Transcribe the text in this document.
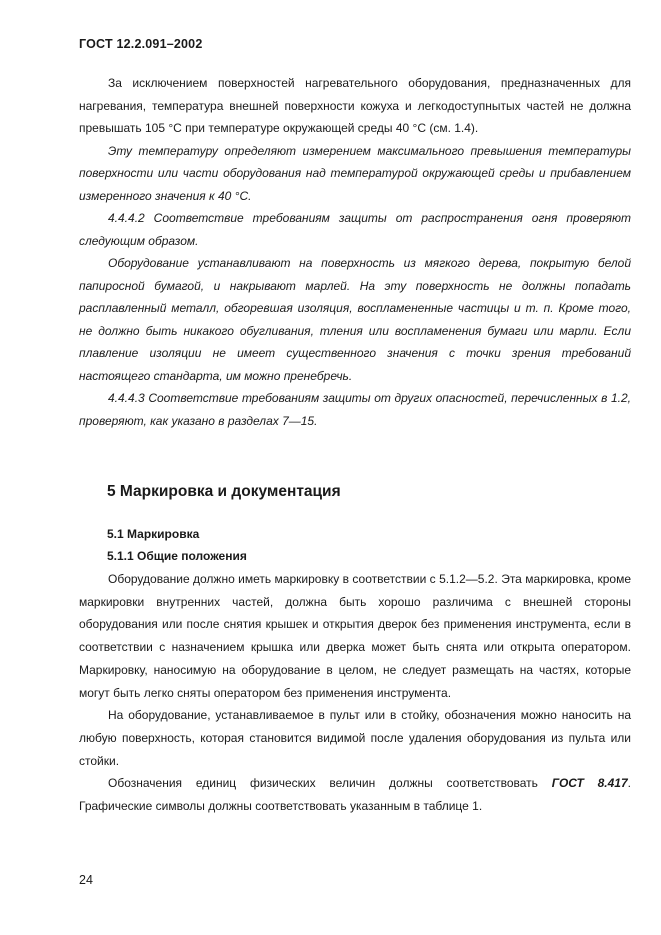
ГОСТ 12.2.091–2002

За исключением поверхностей нагревательного оборудования, предназначенных для нагревания, температура внешней поверхности кожуха и легкодоступнытых частей не должна превышать 105 °С при температуре окружающей среды 40 °С (см. 1.4).

Эту температуру определяют измерением максимального превышения температуры поверхности или части оборудования над температурой окружающей среды и прибавлением измеренного значения к 40 °С.

4.4.4.2 Соответствие требованиям защиты от распространения огня проверяют следующим образом.

Оборудование устанавливают на поверхность из мягкого дерева, покрытую белой папиросной бумагой, и накрывают марлей. На эту поверхность не должны попадать расплавленный металл, обгоревшая изоляция, воспламененные частицы и т. п. Кроме того, не должно быть никакого обугливания, тления или воспламенения бумаги или марли. Если плавление изоляции не имеет существенного значения с точки зрения требований настоящего стандарта, им можно пренебречь.

4.4.4.3 Соответствие требованиям защиты от других опасностей, перечисленных в 1.2, проверяют, как указано в разделах 7—15.

5 Маркировка и документация
5.1 Маркировка
5.1.1 Общие положения

Оборудование должно иметь маркировку в соответствии с 5.1.2—5.2. Эта маркировка, кроме маркировки внутренних частей, должна быть хорошо различима с внешней стороны оборудования или после снятия крышек и открытия дверок без применения инструмента, если в соответствии с назначением крышка или дверка может быть снята или открыта оператором. Маркировку, наносимую на оборудование в целом, не следует размещать на частях, которые могут быть легко сняты оператором без применения инструмента.

На оборудование, устанавливаемое в пульт или в стойку, обозначения можно наносить на любую поверхность, которая становится видимой после удаления оборудования из пульта или стойки.

Обозначения единиц физических величин должны соответствовать ГОСТ 8.417. Графические символы должны соответствовать указанным в таблице 1.

24
